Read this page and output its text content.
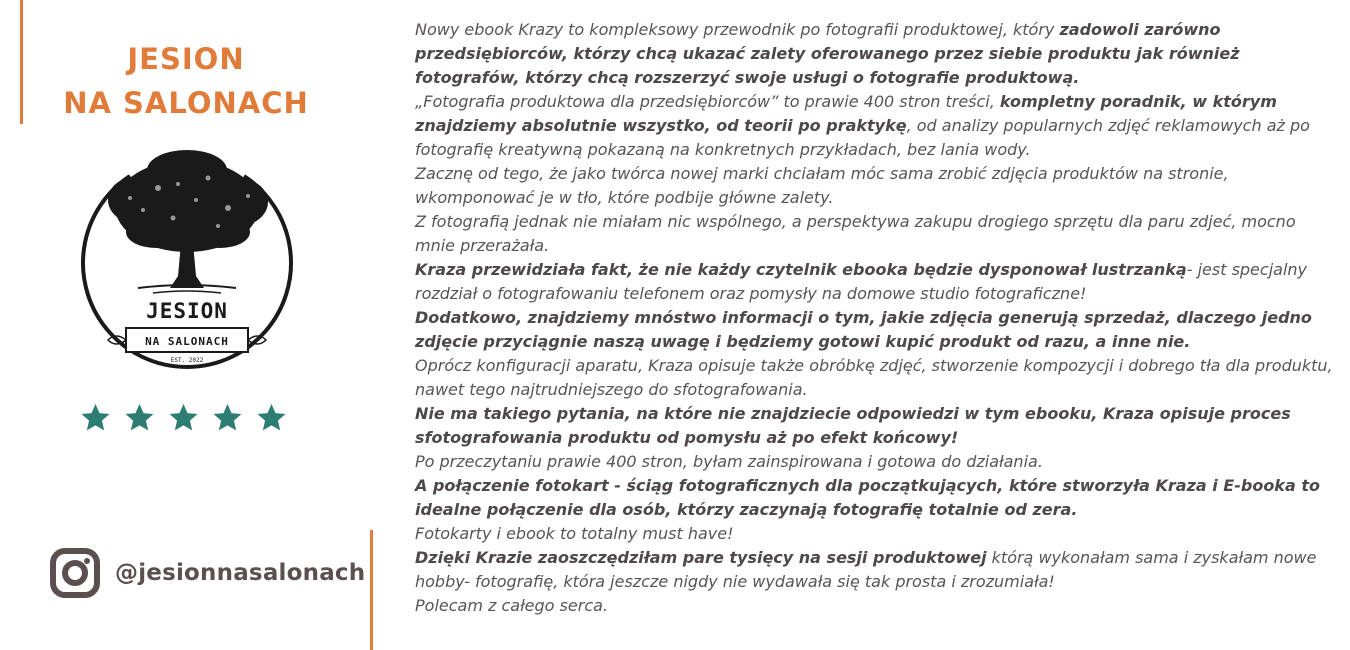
JESION
NA SALONACH
JESION
NA SALONACH
EST. 2022
@jesionnasalonach

Nowy ebook Krazy to kompleksowy przewodnik po fotografii produktowej, który zadowoli zarówno przedsiębiorców, którzy chcą ukazać zalety oferowanego przez siebie produktu jak również fotografów, którzy chcą rozszerzyć swoje usługi o fotografie produktową.

„Fotografia produktowa dla przedsiębiorców” to prawie 400 stron treści, kompletny poradnik, w którym znajdziemy absolutnie wszystko, od teorii po praktykę, od analizy popularnych zdjęć reklamowych aż po fotografię kreatywną pokazaną na konkretnych przykładach, bez lania wody.

Zacznę od tego, że jako twórca nowej marki chciałam móc sama zrobić zdjęcia produktów na stronie, wkomponować je w tło, które podbije główne zalety.

Z fotografią jednak nie miałam nic wspólnego, a perspektywa zakupu drogiego sprzętu dla paru zdjeć, mocno mnie przerażała.

Kraza przewidziała fakt, że nie każdy czytelnik ebooka będzie dysponował lustrzanką- jest specjalny rozdział o fotografowaniu telefonem oraz pomysły na domowe studio fotograficzne!

Dodatkowo, znajdziemy mnóstwo informacji o tym, jakie zdjęcia generują sprzedaż, dlaczego jedno zdjęcie przyciągnie naszą uwagę i będziemy gotowi kupić produkt od razu, a inne nie.

Oprócz konfiguracji aparatu, Kraza opisuje także obróbkę zdjęć, stworzenie kompozycji i dobrego tła dla produktu, nawet tego najtrudniejszego do sfotografowania.

Nie ma takiego pytania, na które nie znajdziecie odpowiedzi w tym ebooku, Kraza opisuje proces sfotografowania produktu od pomysłu aż po efekt końcowy!

Po przeczytaniu prawie 400 stron, byłam zainspirowana i gotowa do działania.

A połączenie fotokart - ściąg fotograficznych dla początkujących, które stworzyła Kraza i E-booka to idealne połączenie dla osób, którzy zaczynają fotografię totalnie od zera.

Fotokarty i ebook to totalny must have!

Dzięki Krazie zaoszczędziłam pare tysięcy na sesji produktowej którą wykonałam sama i zyskałam nowe hobby- fotografię, która jeszcze nigdy nie wydawała się tak prosta i zrozumiała!

Polecam z całego serca.
